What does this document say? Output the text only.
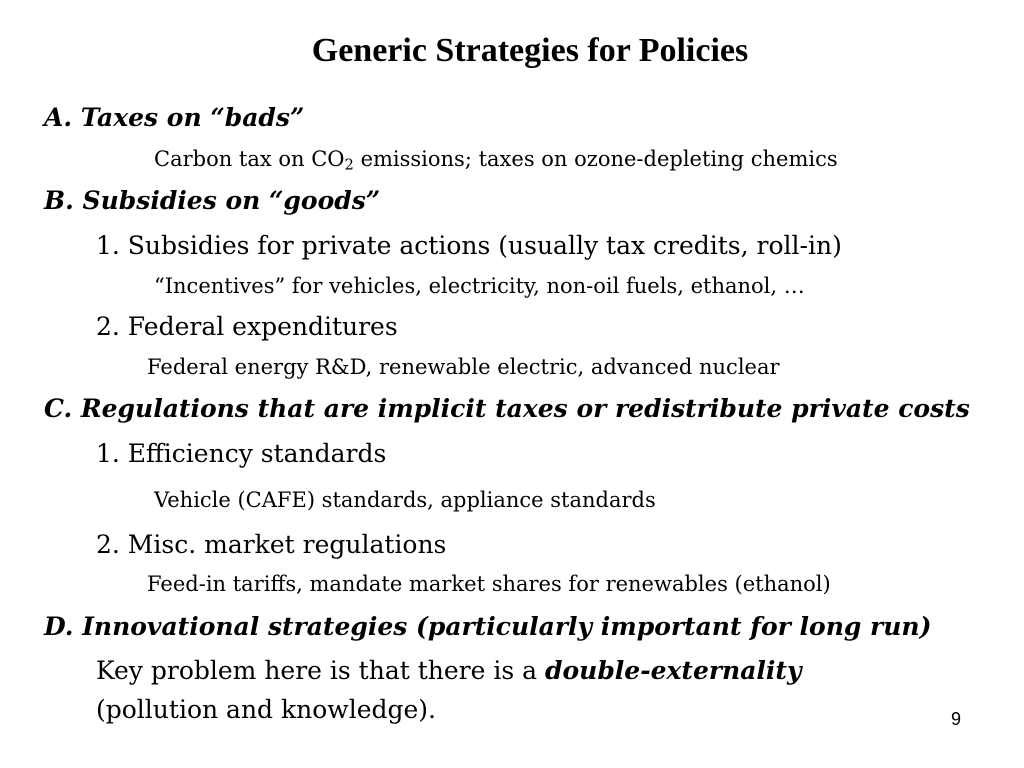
Generic Strategies for Policies
A. Taxes on “bads”
Carbon tax on $CO_2$ emissions; taxes on ozone-depleting chemics
B. Subsidies on “goods”
1. Subsidies for private actions (usually tax credits, roll-in)
“Incentives” for vehicles, electricity, non-oil fuels, ethanol, …
2. Federal expenditures
Federal energy R&D, renewable electric, advanced nuclear
C. Regulations that are implicit taxes or redistribute private costs
1. Efficiency standards
Vehicle (CAFE) standards, appliance standards
2. Misc. market regulations
Feed-in tariffs, mandate market shares for renewables (ethanol)
D. Innovational strategies (particularly important for long run)
Key problem here is that there is a double-externality
(pollution and knowledge).	9
